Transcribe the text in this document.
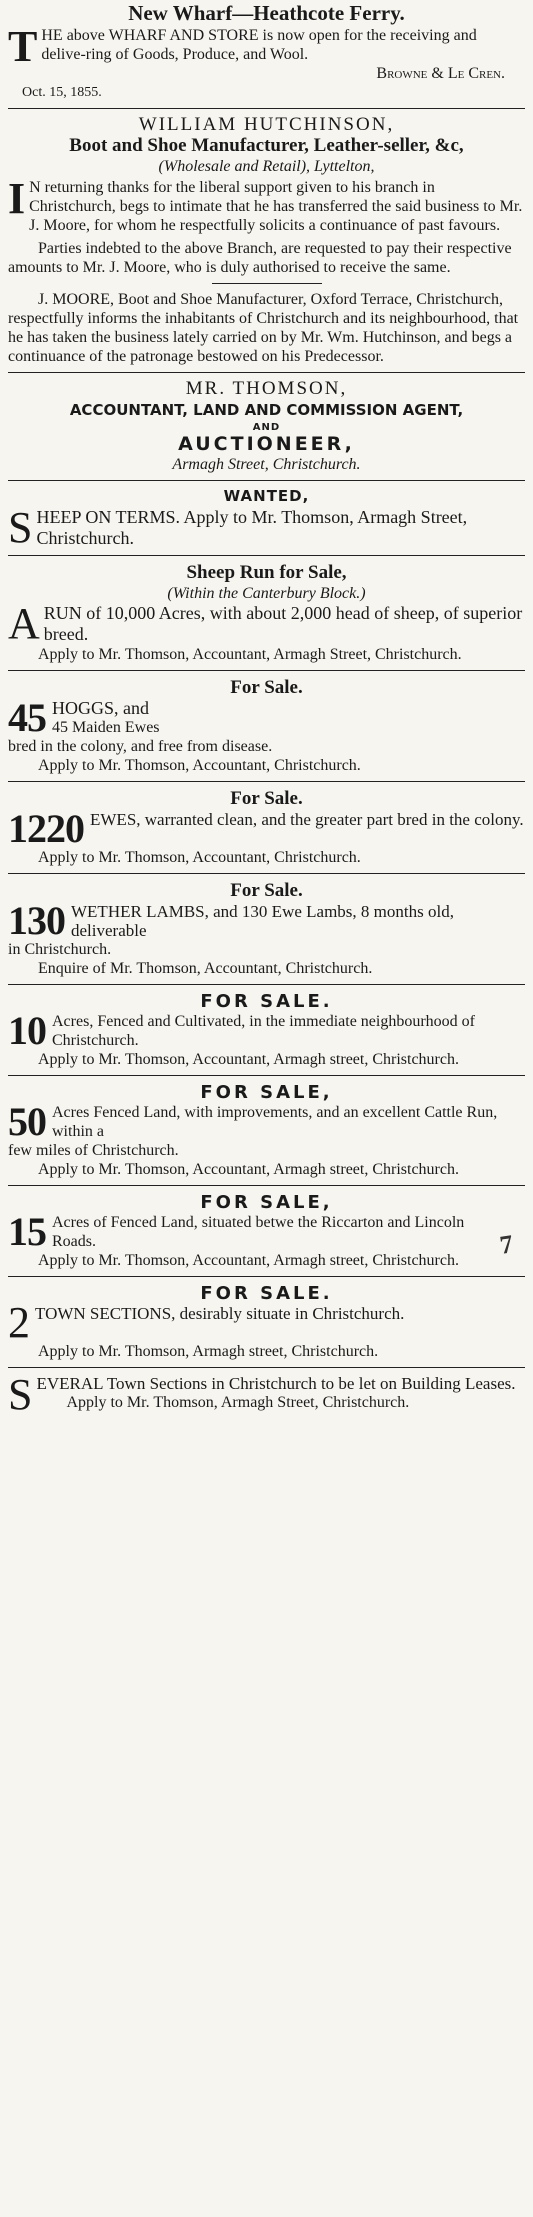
New Wharf—Heathcote Ferry.
T HE above WHARF AND STORE is now open for the receiving and delive-ring of Goods, Produce, and Wool.
Browne & Le Cren.
Oct. 15, 1855.
WILLIAM HUTCHINSON,
Boot and Shoe Manufacturer, Leather-seller, &c,
(Wholesale and Retail), Lyttelton,
I N returning thanks for the liberal support given to his branch in Christchurch, begs to intimate that he has transferred the said business to Mr. J. Moore, for whom he respectfully solicits a continuance of past favours.
Parties indebted to the above Branch, are requested to pay their respective amounts to Mr. J. Moore, who is duly authorised to receive the same.
J. MOORE, Boot and Shoe Manufacturer, Oxford Terrace, Christchurch, respectfully informs the inhabitants of Christchurch and its neighbourhood, that he has taken the business lately carried on by Mr. Wm. Hutchinson, and begs a continuance of the patronage bestowed on his Predecessor.
MR. THOMSON,
ACCOUNTANT, LAND AND COMMISSION AGENT,
AND
AUCTIONEER,
Armagh Street, Christchurch.
WANTED,
S HEEP ON TERMS. Apply to Mr. Thomson, Armagh Street, Christchurch.
Sheep Run for Sale,
(Within the Canterbury Block.)
A RUN of 10,000 Acres, with about 2,000 head of sheep, of superior breed.
Apply to Mr. Thomson, Accountant, Armagh Street, Christchurch.
For Sale.
45 HOGGS, and
45 Maiden Ewes
bred in the colony, and free from disease.
Apply to Mr. Thomson, Accountant, Christchurch.
For Sale.
1220 EWES, warranted clean, and the greater part bred in the colony.
Apply to Mr. Thomson, Accountant, Christchurch.
For Sale.
130 WETHER LAMBS, and 130 Ewe Lambs, 8 months old, deliverable
in Christchurch.
Enquire of Mr. Thomson, Accountant, Christchurch.
FOR SALE.
10 Acres, Fenced and Cultivated, in the immediate neighbourhood of Christchurch.
Apply to Mr. Thomson, Accountant, Armagh street, Christchurch.
FOR SALE,
50 Acres Fenced Land, with improvements, and an excellent Cattle Run, within a
few miles of Christchurch.
Apply to Mr. Thomson, Accountant, Armagh street, Christchurch.
FOR SALE,
15 Acres of Fenced Land, situated betwe the Riccarton and Lincoln Roads.
Apply to Mr. Thomson, Accountant, Armagh street, Christchurch.
7
FOR SALE.
2 TOWN SECTIONS, desirably situate in Christchurch.
Apply to Mr. Thomson, Armagh street, Christchurch.
S EVERAL Town Sections in Christchurch to be let on Building Leases.
Apply to Mr. Thomson, Armagh Street, Christchurch.
